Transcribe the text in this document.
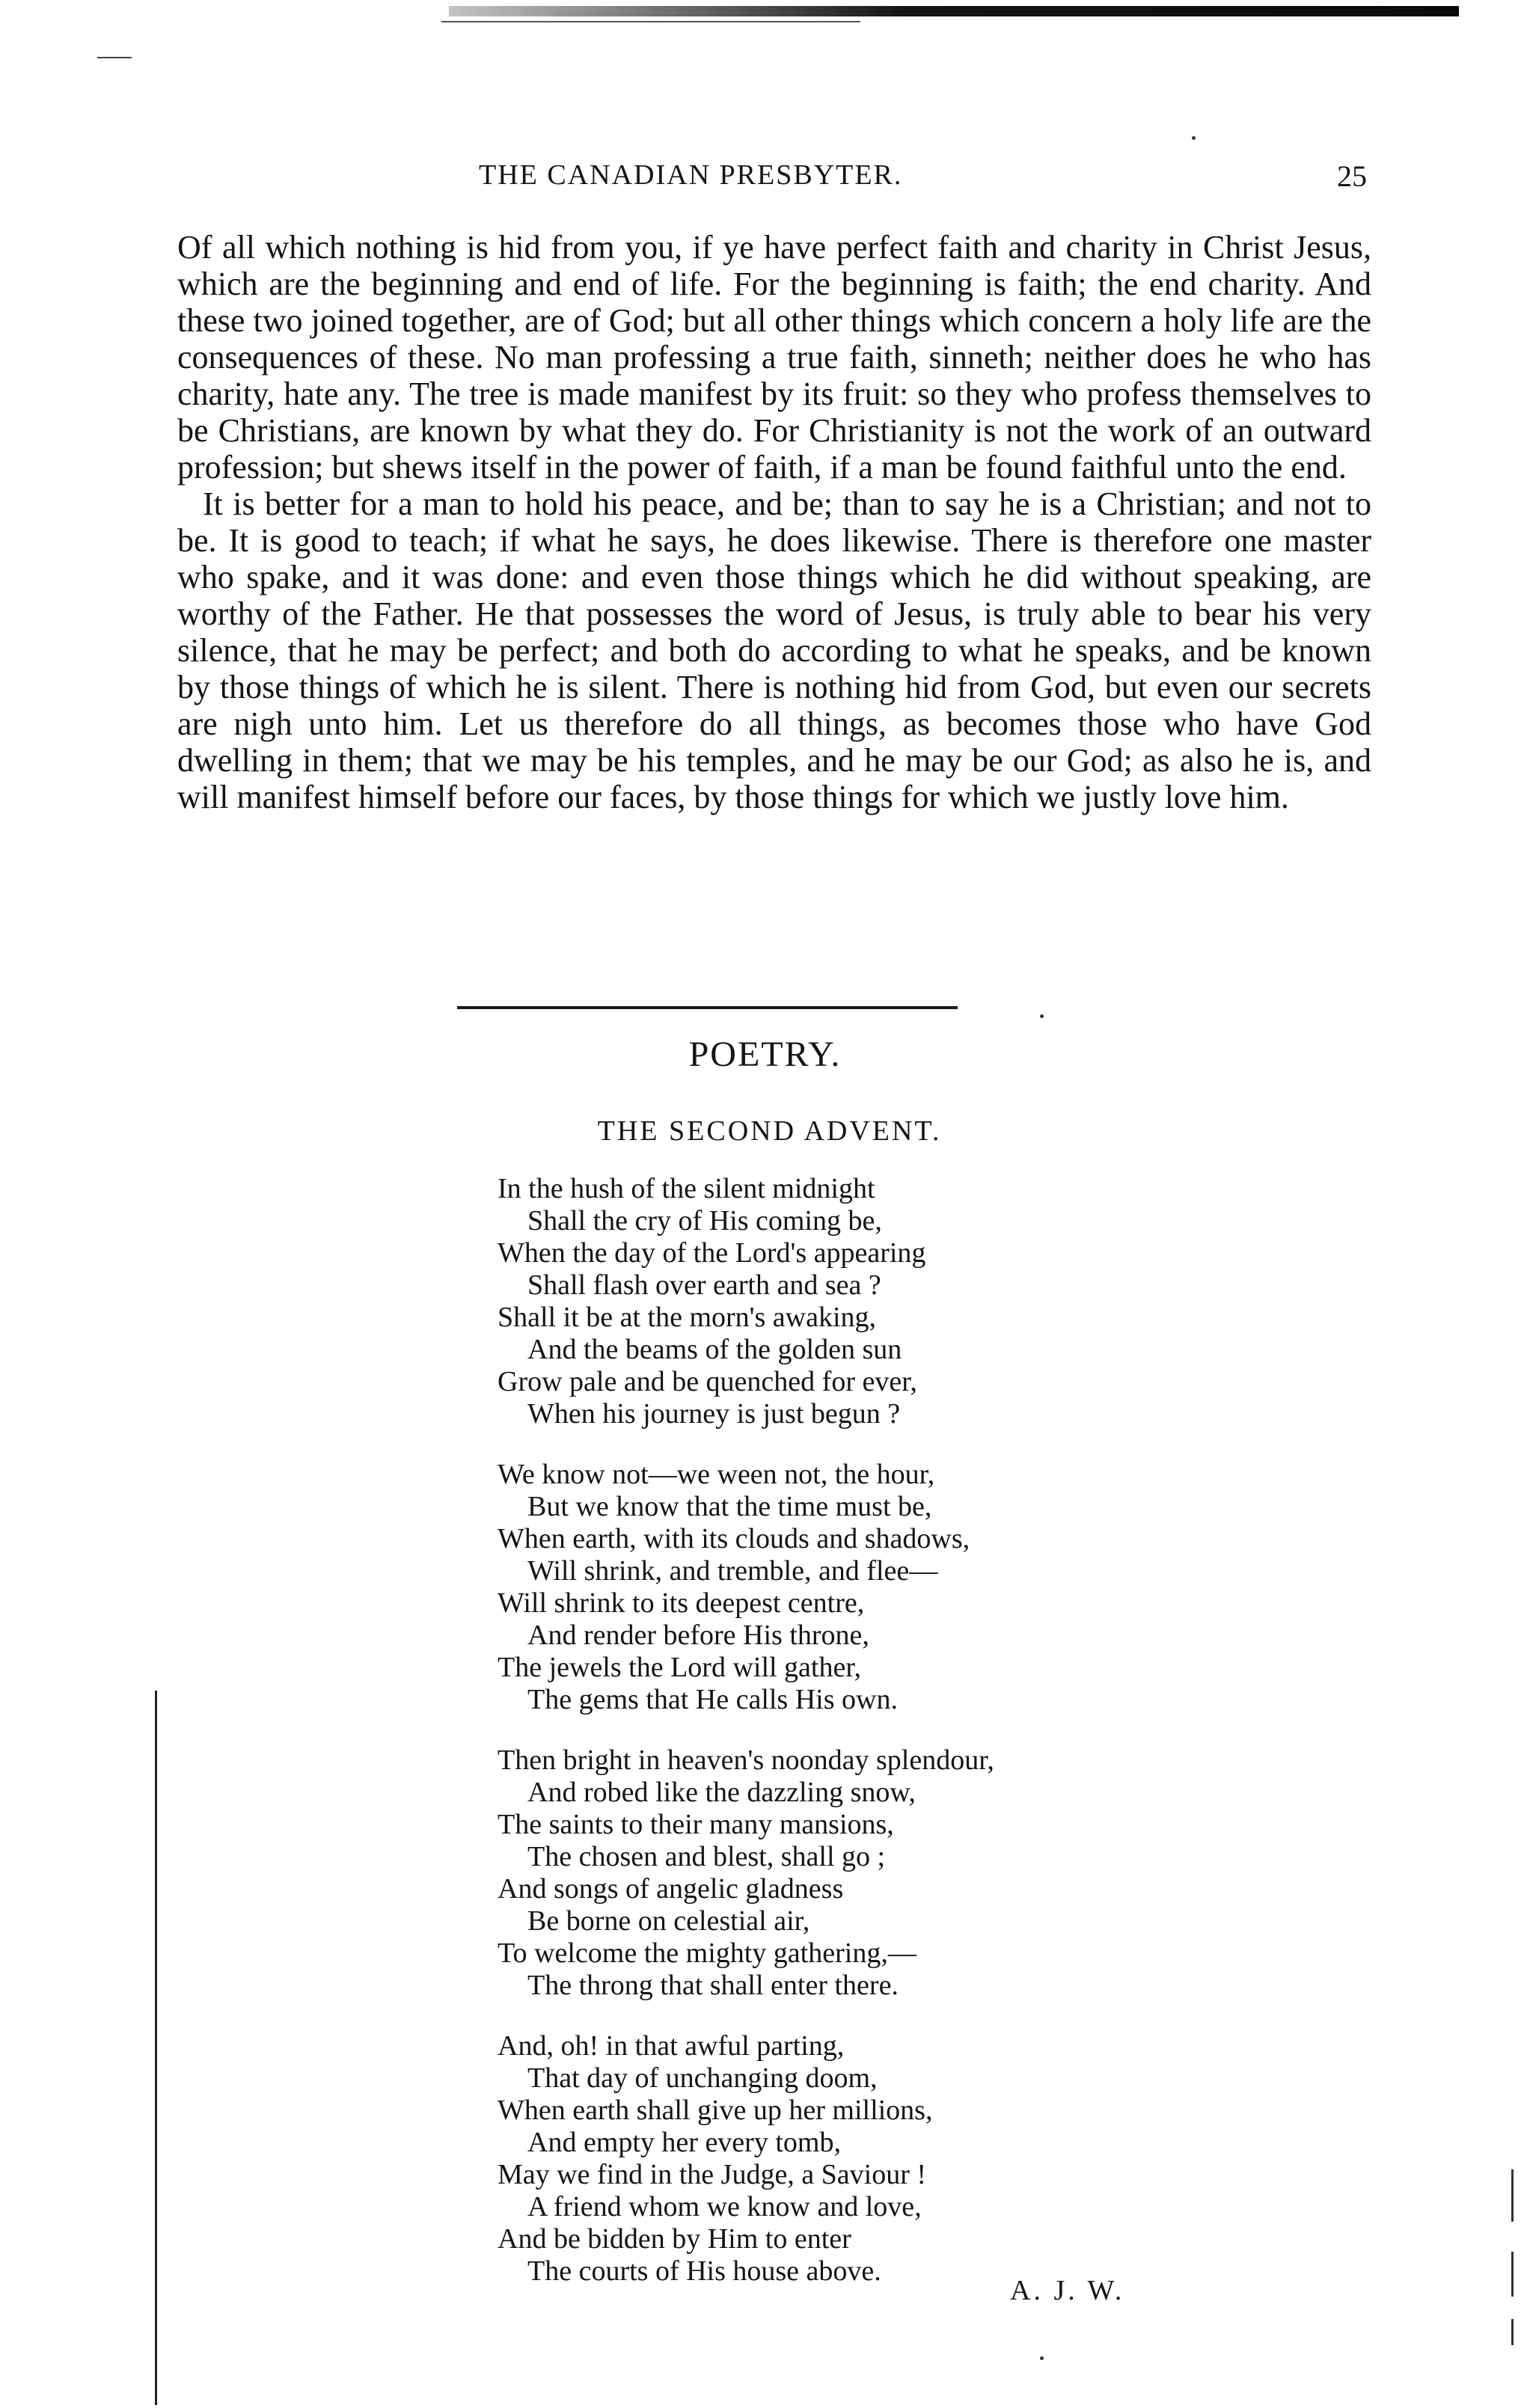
THE CANADIAN PRESBYTER.	25

Of all which nothing is hid from you, if ye have perfect faith and charity in Christ Jesus, which are the beginning and end of life. For the beginning is faith; the end charity. And these two joined together, are of God; but all other things which concern a holy life are the consequences of these. No man professing a true faith, sinneth; neither does he who has charity, hate any. The tree is made manifest by its fruit: so they who profess themselves to be Christians, are known by what they do. For Christianity is not the work of an outward profession; but shews itself in the power of faith, if a man be found faithful unto the end.

It is better for a man to hold his peace, and be; than to say he is a Christian; and not to be. It is good to teach; if what he says, he does likewise. There is therefore one master who spake, and it was done: and even those things which he did without speaking, are worthy of the Father. He that possesses the word of Jesus, is truly able to bear his very silence, that he may be perfect; and both do according to what he speaks, and be known by those things of which he is silent. There is nothing hid from God, but even our secrets are nigh unto him. Let us therefore do all things, as becomes those who have God dwelling in them; that we may be his temples, and he may be our God; as also he is, and will manifest himself before our faces, by those things for which we justly love him.

POETRY.
THE SECOND ADVENT.
In the hush of the silent midnight
Shall the cry of His coming be,
When the day of the Lord's appearing
Shall flash over earth and sea ?
Shall it be at the morn's awaking,
And the beams of the golden sun
Grow pale and be quenched for ever,
When his journey is just begun ?
We know not—we ween not, the hour,
But we know that the time must be,
When earth, with its clouds and shadows,
Will shrink, and tremble, and flee—
Will shrink to its deepest centre,
And render before His throne,
The jewels the Lord will gather,
The gems that He calls His own.
Then bright in heaven's noonday splendour,
And robed like the dazzling snow,
The saints to their many mansions,
The chosen and blest, shall go ;
And songs of angelic gladness
Be borne on celestial air,
To welcome the mighty gathering,—
The throng that shall enter there.
And, oh! in that awful parting,
That day of unchanging doom,
When earth shall give up her millions,
And empty her every tomb,
May we find in the Judge, a Saviour !
A friend whom we know and love,
And be bidden by Him to enter
The courts of His house above.
A. J. W.
